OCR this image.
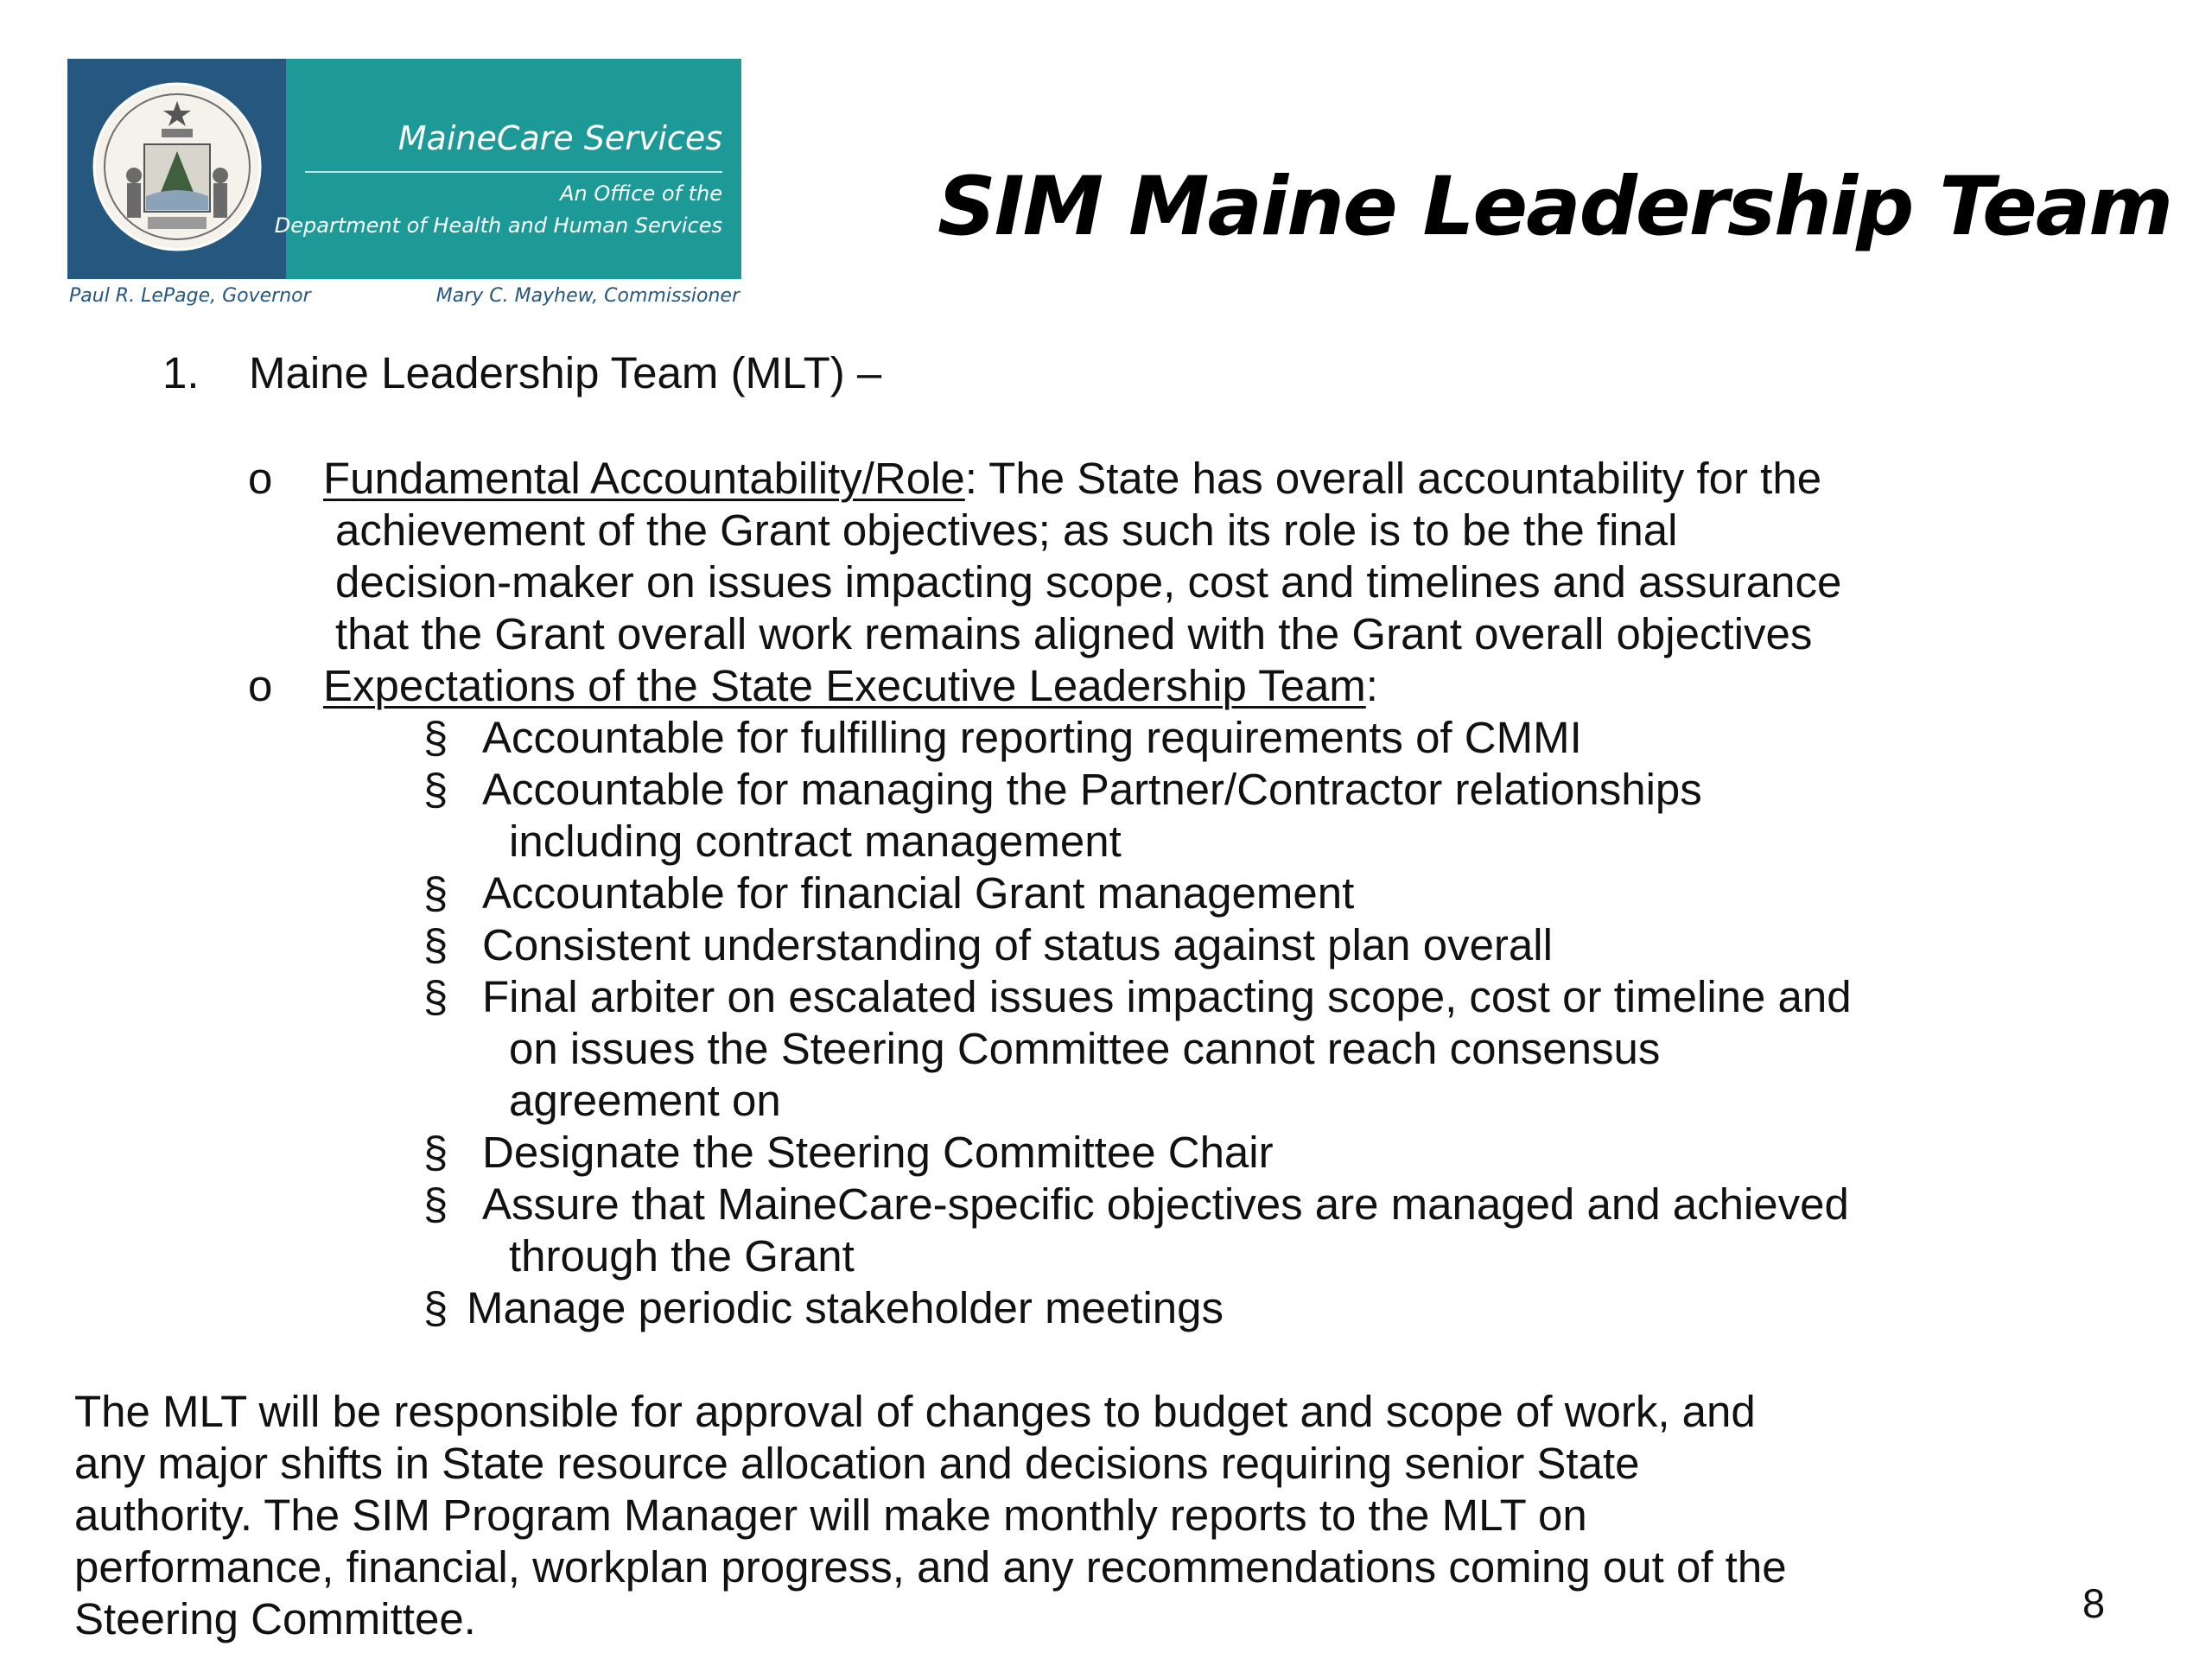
MaineCare Services
An Office of the
Department of Health and Human Services
Paul R. LePage, Governor	Mary C. Mayhew, Commissioner
SIM Maine Leadership Team
1. Maine Leadership Team (MLT) –
o Fundamental Accountability/Role: The State has overall accountability for the
achievement of the Grant objectives; as such its role is to be the final
decision-maker on issues impacting scope, cost and timelines and assurance
that the Grant overall work remains aligned with the Grant overall objectives
o Expectations of the State Executive Leadership Team:
§ Accountable for fulfilling reporting requirements of CMMI
§ Accountable for managing the Partner/Contractor relationships
including contract management
§ Accountable for financial Grant management
§ Consistent understanding of status against plan overall
§ Final arbiter on escalated issues impacting scope, cost or timeline and
on issues the Steering Committee cannot reach consensus
agreement on
§ Designate the Steering Committee Chair
§ Assure that MaineCare-specific objectives are managed and achieved
through the Grant
§ Manage periodic stakeholder meetings
The MLT will be responsible for approval of changes to budget and scope of work, and
any major shifts in State resource allocation and decisions requiring senior State
authority. The SIM Program Manager will make monthly reports to the MLT on
performance, financial, workplan progress, and any recommendations coming out of the
Steering Committee.	8
